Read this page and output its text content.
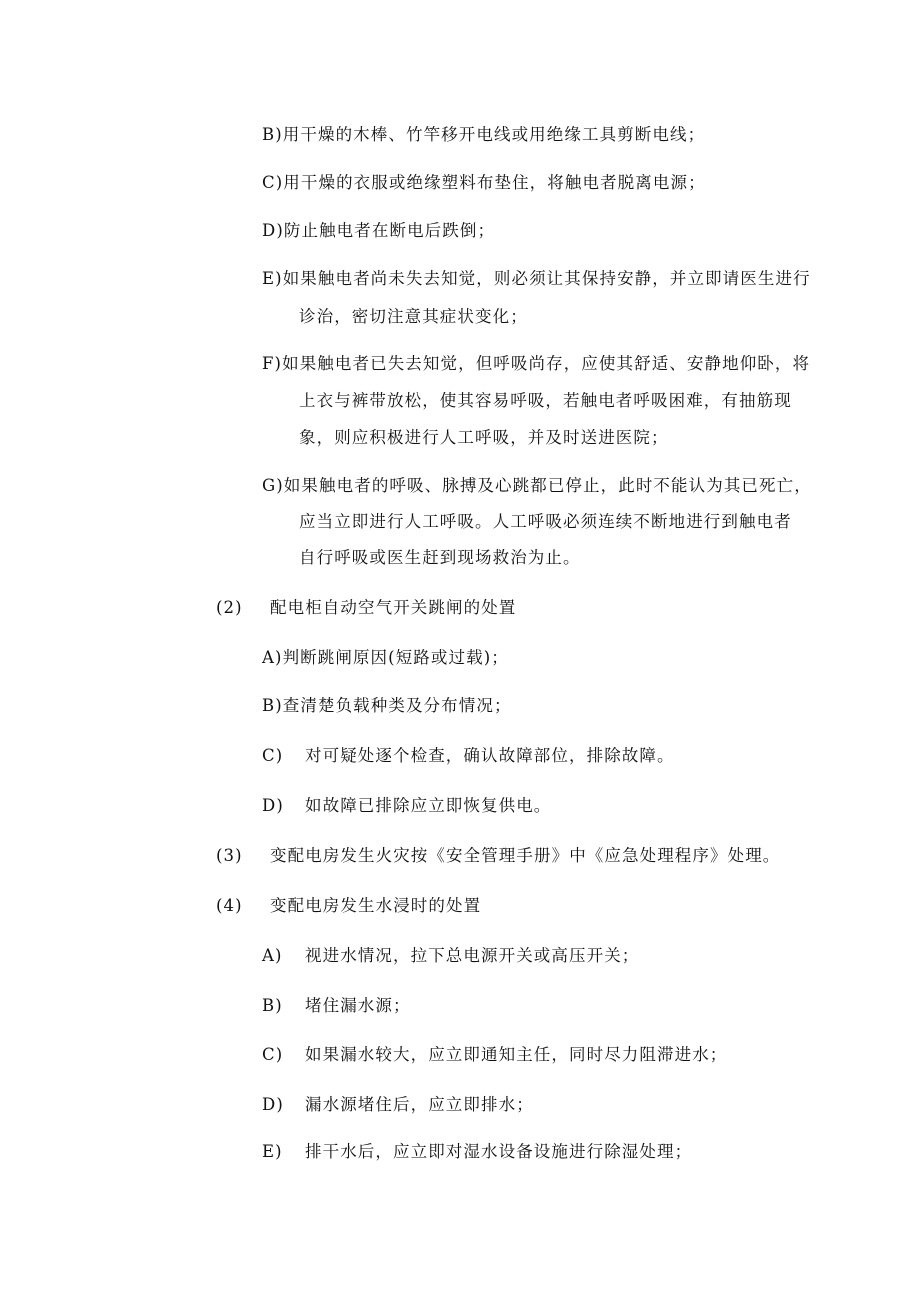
B)用干燥的木棒、竹竿移开电线或用绝缘工具剪断电线；
C)用干燥的衣服或绝缘塑料布垫住，将触电者脱离电源；
D)防止触电者在断电后跌倒；
E)如果触电者尚未失去知觉，则必须让其保持安静，并立即请医生进行
诊治，密切注意其症状变化；
F)如果触电者已失去知觉，但呼吸尚存，应使其舒适、安静地仰卧，将
上衣与裤带放松，使其容易呼吸，若触电者呼吸困难，有抽筋现
象，则应积极进行人工呼吸，并及时送进医院；
G)如果触电者的呼吸、脉搏及心跳都已停止，此时不能认为其已死亡，
应当立即进行人工呼吸。人工呼吸必须连续不断地进行到触电者
自行呼吸或医生赶到现场救治为止。
(2) 配电柜自动空气开关跳闸的处置
A)判断跳闸原因(短路或过载)；
B)查清楚负载种类及分布情况；
C) 对可疑处逐个检查，确认故障部位，排除故障。
D) 如故障已排除应立即恢复供电。
(3) 变配电房发生火灾按《安全管理手册》中《应急处理程序》处理。
(4) 变配电房发生水浸时的处置
A) 视进水情况，拉下总电源开关或高压开关；
B) 堵住漏水源；
C) 如果漏水较大，应立即通知主任，同时尽力阻滞进水；
D) 漏水源堵住后，应立即排水；
E) 排干水后，应立即对湿水设备设施进行除湿处理；
